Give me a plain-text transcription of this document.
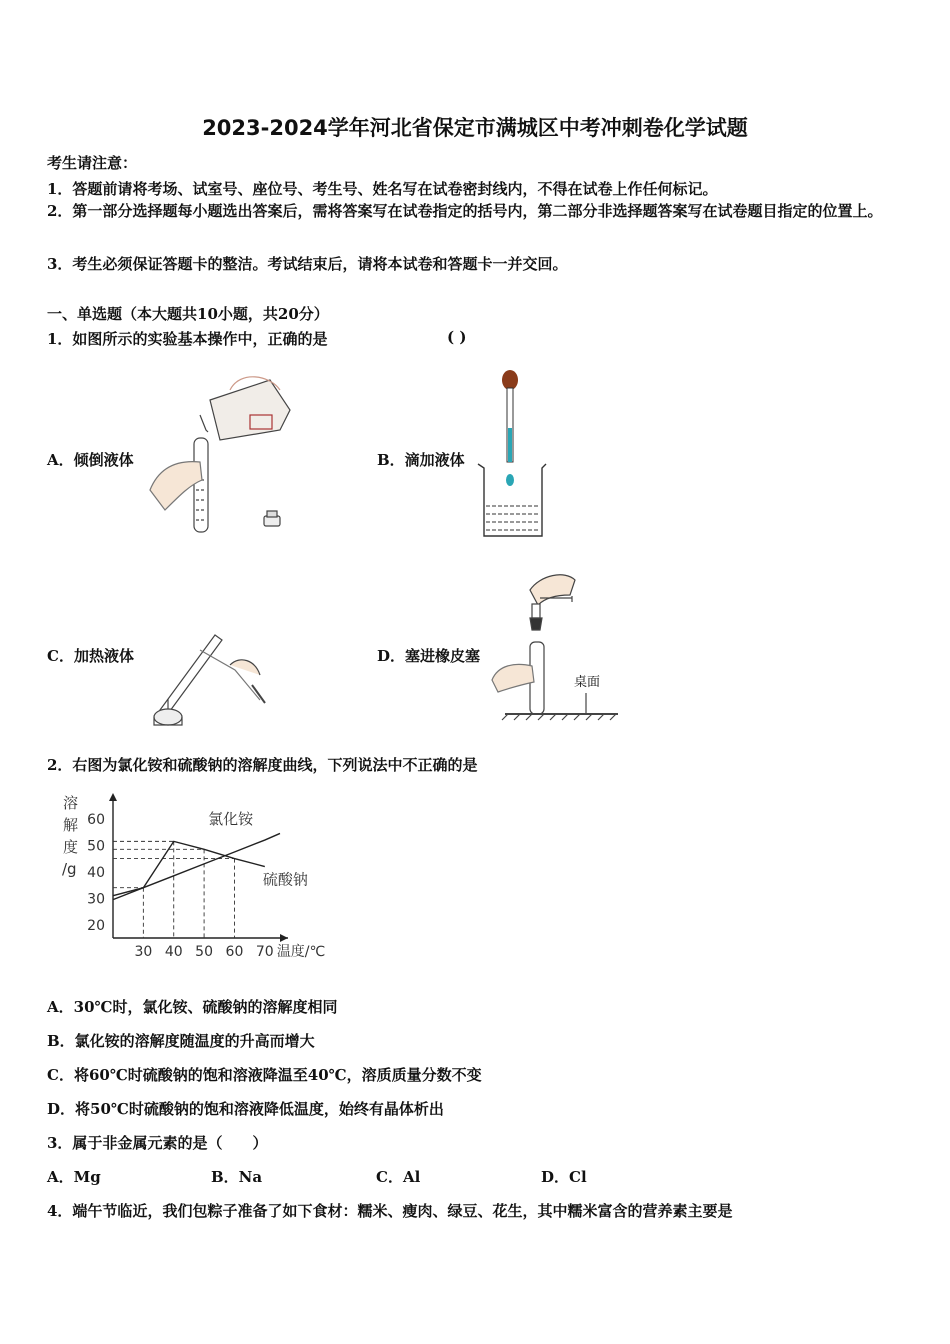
2023-2024学年河北省保定市满城区中考冲刺卷化学试题
考生请注意：
1．答题前请将考场、试室号、座位号、考生号、姓名写在试卷密封线内，不得在试卷上作任何标记。
2．第一部分选择题每小题选出答案后，需将答案写在试卷指定的括号内，第二部分非选择题答案写在试卷题目指定的位置上。
3．考生必须保证答题卡的整洁。考试结束后，请将本试卷和答题卡一并交回。
一、单选题（本大题共10小题，共20分）
1．如图所示的实验基本操作中，正确的是	( )
A．倾倒液体	B．滴加液体
C．加热液体	D．塞进橡皮塞
桌面
2．右图为氯化铵和硫酸钠的溶解度曲线，下列说法中不正确的是
溶
解
度
/g
20
30
40
50
60
30 40 50 60 70 温度/℃
氯化铵
硫酸钠
A．30℃时，氯化铵、硫酸钠的溶解度相同
B．氯化铵的溶解度随温度的升高而增大
C．将60℃时硫酸钠的饱和溶液降温至40℃，溶质质量分数不变
D．将50℃时硫酸钠的饱和溶液降低温度，始终有晶体析出
3．属于非金属元素的是（　　）
A．Mg	B．Na	C．Al	D．Cl
4．端午节临近，我们包粽子准备了如下食材：糯米、瘦肉、绿豆、花生，其中糯米富含的营养素主要是
